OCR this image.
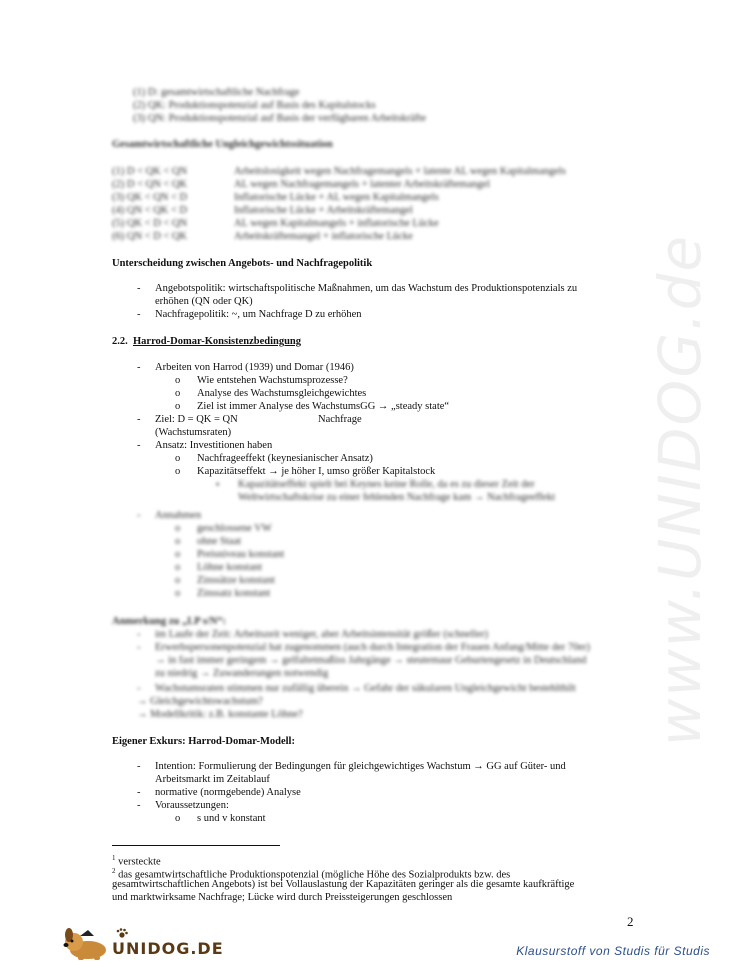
www.UNIDOG.de
(1) D: gesamtwirtschaftliche Nachfrage
(2) QK: Produktionspotenzial auf Basis des Kapitalstocks
(3) QN: Produktionspotenzial auf Basis der verfügbaren Arbeitskräfte
Gesamtwirtschaftliche Ungleichgewichtssituation
(1) D < QK < QN	Arbeitslosigkeit wegen Nachfragemangels + latente AL wegen Kapitalmangels
(2) D < QN < QK	AL wegen Nachfragemangels + latenter Arbeitskräftemangel
(3) QK < QN < D	Inflatorische Lücke + AL wegen Kapitalmangels
(4) QN < QK < D	Inflatorische Lücke + Arbeitskräftemangel
(5) QK < D < QN	AL wegen Kapitalmangels + inflatorische Lücke
(6) QN < D < QK	Arbeitskräftemangel + inflatorische Lücke
Unterscheidung zwischen Angebots- und Nachfragepolitik
- Angebotspolitik: wirtschaftspolitische Maßnahmen, um das Wachstum des Produktionspotenzials zu
erhöhen (QN oder QK)
- Nachfragepolitik: ~, um Nachfrage D zu erhöhen
2.2. Harrod-Domar-Konsistenzbedingung
- Arbeiten von Harrod (1939) und Domar (1946)
o Wie entstehen Wachstumsprozesse?
o Analyse des Wachstumsgleichgewichtes
o Ziel ist immer Analyse des WachstumsGG → „steady state“
- Ziel: D = QK = QN	Nachfrage
(Wachstumsraten)
- Ansatz: Investitionen haben
o Nachfrageeffekt (keynesianischer Ansatz)
o Kapazitätseffekt → je höher I, umso größer Kapitalstock
▪ Kapazitätseffekt spielt bei Keynes keine Rolle, da es zu dieser Zeit der
Weltwirtschaftskrise zu einer fehlenden Nachfrage kam → Nachfrageeffekt
- Annahmen
o geschlossene VW
o ohne Staat
o Preisniveau konstant
o Löhne konstant
o Zinssätze konstant
o Zinssatz konstant
Anmerkung zu „LP s/N“:
- im Laufe der Zeit: Arbeitszeit weniger, aber Arbeitsintensität größer (schneller)
- Erwerbspersonenpotenzial hat zugenommen (auch durch Integration der Frauen Anfang/Mitte der 70er)
→ in fast immer geringem → gelfaltetmaßiss Jahrgänge → steutemaur Geburtengesetz in Deutschland
zu niedrig → Zuwanderungen notwendig
- Wachstumsraten stimmen nur zufällig überein → Gefahr der säkularen Ungleichgewicht bestehlthilt
→ Gleichgewichtswachstum?
→ Modellkritik: z.B. konstante Löhne?
Eigener Exkurs: Harrod-Domar-Modell:
- Intention: Formulierung der Bedingungen für gleichgewichtiges Wachstum → GG auf Güter- und
Arbeitsmarkt im Zeitablauf
- normative (normgebende) Analyse
- Voraussetzungen:
o s und v konstant
$^1$ versteckte
$^2$ das gesamtwirtschaftliche Produktionspotenzial (mögliche Höhe des Sozialprodukts bzw. des
gesamtwirtschaftlichen Angebots) ist bei Vollauslastung der Kapazitäten geringer als die gesamte kaufkräftige
und marktwirksame Nachfrage; Lücke wird durch Preissteigerungen geschlossen
2
UNIDOG.DE	Klausurstoff von Studis für Studis
